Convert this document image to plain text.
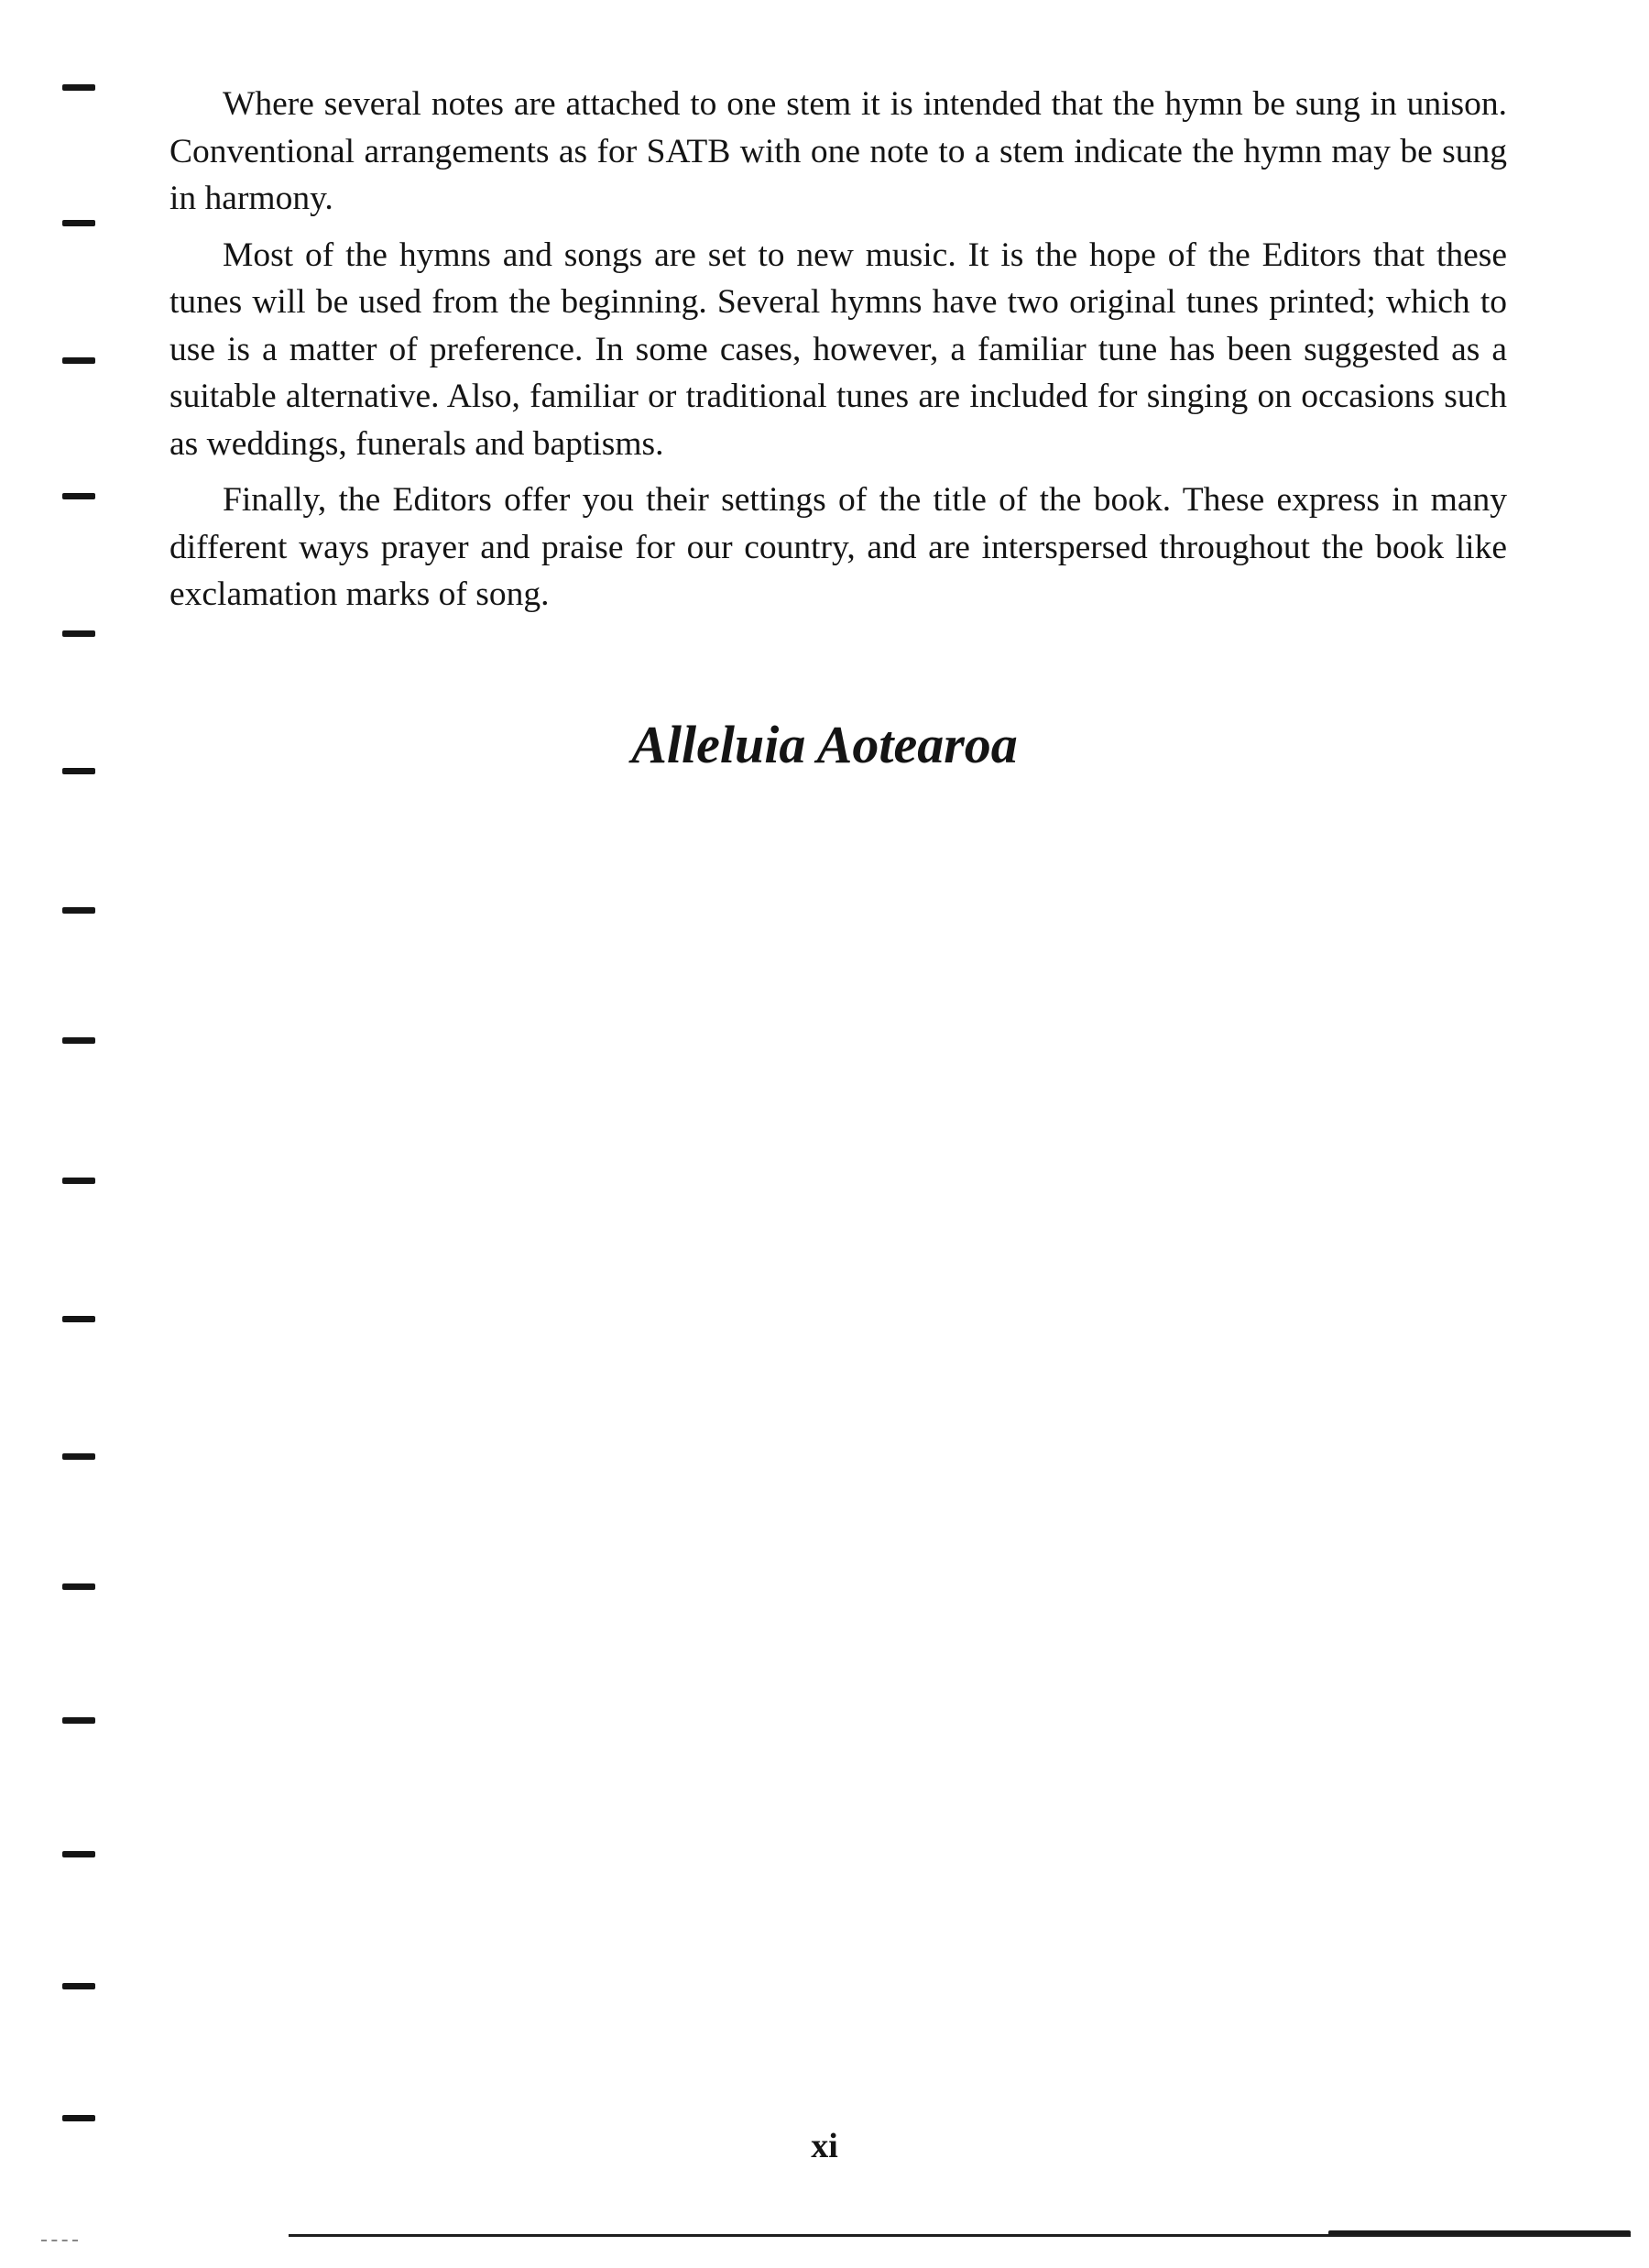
Where several notes are attached to one stem it is intended that the hymn be sung in unison. Conventional arrangements as for SATB with one note to a stem indicate the hymn may be sung in harmony.

Most of the hymns and songs are set to new music. It is the hope of the Editors that these tunes will be used from the beginning. Several hymns have two original tunes printed; which to use is a matter of preference. In some cases, however, a familiar tune has been suggested as a suitable alternative. Also, familiar or traditional tunes are included for singing on occasions such as weddings, funerals and baptisms.

Finally, the Editors offer you their settings of the title of the book. These express in many different ways prayer and praise for our country, and are interspersed throughout the book like exclamation marks of song.

Alleluia Aotearoa
xi
